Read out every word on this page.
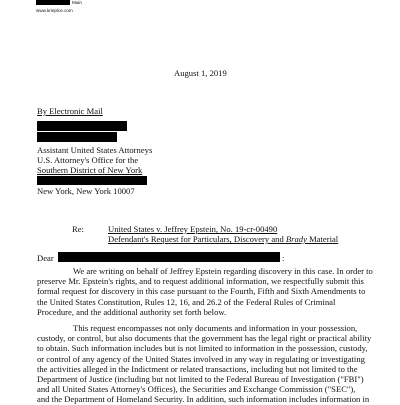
Main
www.krieplce.com
August 1, 2019
By Electronic Mail
Assistant United States Attorneys
U.S. Attorney's Office for the
Southern District of New York
New York, New York 10007
Re:	United States v. Jeffrey Epstein, No. 19-cr-00490
Defendant's Request for Particulars, Discovery and Brady Material
Dear	:

We are writing on behalf of Jeffrey Epstein regarding discovery in this case. In order to

preserve Mr. Epstein's rights, and to request additional information, we respectfully submit this

formal request for discovery in this case pursuant to the Fourth, Fifth and Sixth Amendments to

the United States Constitution, Rules 12, 16, and 26.2 of the Federal Rules of Criminal

Procedure, and the additional authority set forth below.

This request encompasses not only documents and information in your possession,

custody, or control, but also documents that the government has the legal right or practical ability

to obtain. Such information includes but is not limited to information in the possession, custody,

or control of any agency of the United States involved in any way in regulating or investigating

the activities alleged in the Indictment or related transactions, including but not limited to the

Department of Justice (including but not limited to the Federal Bureau of Investigation ("FBI")

and all United States Attorney's Offices), the Securities and Exchange Commission ("SEC"),

and the Department of Homeland Security. In addition, such information includes information in
